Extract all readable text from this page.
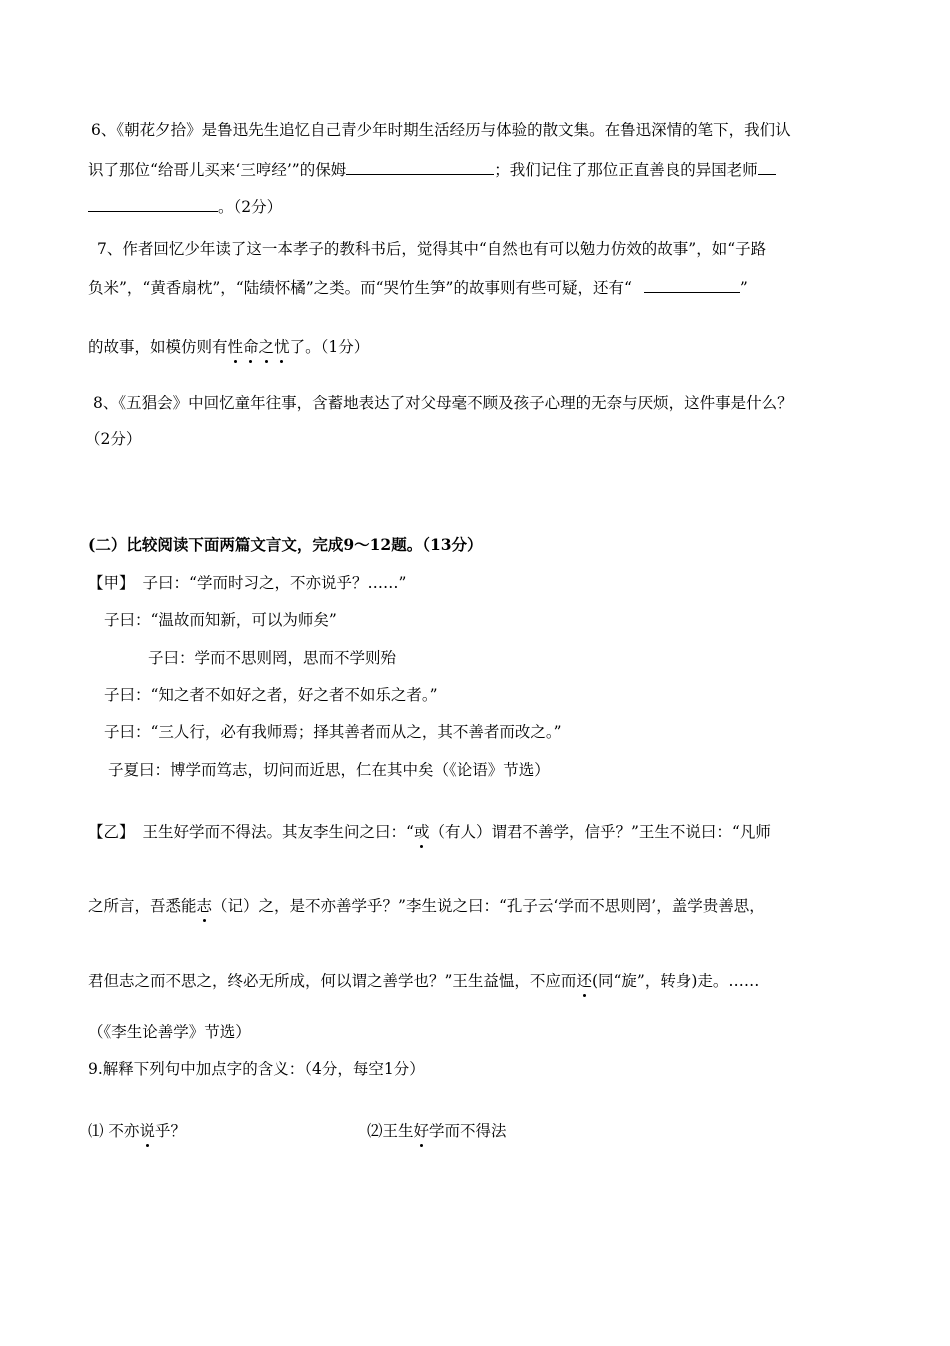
6、《朝花夕拾》是鲁迅先生追忆自己青少年时期生活经历与体验的散文集。在鲁迅深情的笔下，我们认
识了那位“给哥儿买来‘三哼经’”的保姆	；我们记住了那位正直善良的异国老师
。（2分）
7、作者回忆少年读了这一本孝子的教科书后，觉得其中“自然也有可以勉力仿效的故事”，如“子路
负米”，“黄香扇枕”，“陆绩怀橘”之类。而“哭竹生笋”的故事则有些可疑，还有“	”
的故事，如模仿则有性命之忧了。（1分）
8、《五猖会》中回忆童年往事，含蓄地表达了对父母毫不顾及孩子心理的无奈与厌烦，这件事是什么？
（2分）
(二）比较阅读下面两篇文言文，完成9～12题。（13分）
【甲】 子曰：“学而时习之，不亦说乎？……”
子曰：“温故而知新，可以为师矣”
子曰：学而不思则罔，思而不学则殆
子曰：“知之者不如好之者，好之者不如乐之者。”
子曰：“三人行，必有我师焉；择其善者而从之，其不善者而改之。”
子夏曰：博学而笃志，切问而近思，仁在其中矣（《论语》节选）
【乙】 王生好学而不得法。其友李生问之曰：“或（有人）谓君不善学，信乎？”王生不说曰：“凡师
之所言，吾悉能志（记）之，是不亦善学乎？”李生说之曰：“孔子云‘学而不思则罔’，盖学贵善思，
君但志之而不思之，终必无所成，何以谓之善学也？”王生益愠，不应而还(同“旋”，转身)走。……
（《李生论善学》节选）
9.解释下列句中加点字的含义：（4分，每空1分）
⑴ 不亦说乎？	⑵王生好学而不得法
